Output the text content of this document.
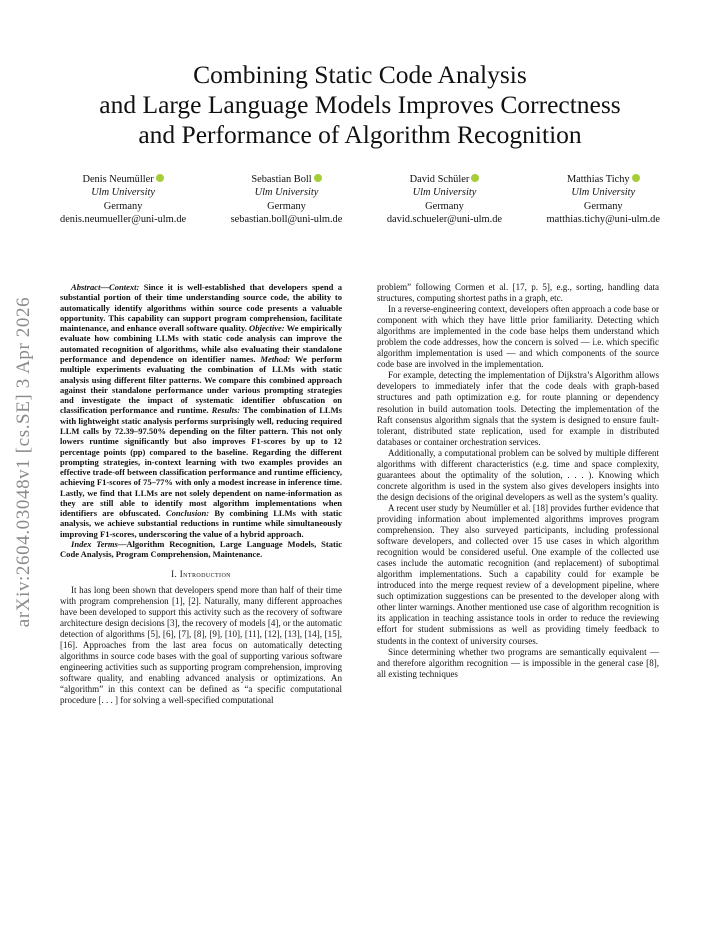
arXiv:2604.03048v1 [cs.SE] 3 Apr 2026
Combining Static Code Analysis
and Large Language Models Improves Correctness
and Performance of Algorithm Recognition
Denis Neumüller
Ulm University
Germany
denis.neumueller@uni-ulm.de
Sebastian Boll
Ulm University
Germany
sebastian.boll@uni-ulm.de
David Schüler
Ulm University
Germany
david.schueler@uni-ulm.de
Matthias Tichy
Ulm University
Germany
matthias.tichy@uni-ulm.de

Abstract—Context: Since it is well-established that developers spend a substantial portion of their time understanding source code, the ability to automatically identify algorithms within source code presents a valuable opportunity. This capability can support program comprehension, facilitate maintenance, and enhance overall software quality. Objective: We empirically evaluate how combining LLMs with static code analysis can improve the automated recognition of algorithms, while also evaluating their standalone performance and dependence on identifier names. Method: We perform multiple experiments evaluating the combination of LLMs with static analysis using different filter patterns. We compare this combined approach against their standalone performance under various prompting strategies and investigate the impact of systematic identifier obfuscation on classification performance and runtime. Results: The combination of LLMs with lightweight static analysis performs surprisingly well, reducing required LLM calls by 72.39–97.50% depending on the filter pattern. This not only lowers runtime significantly but also improves F1-scores by up to 12 percentage points (pp) compared to the baseline. Regarding the different prompting strategies, in-context learning with two examples provides an effective trade-off between classification performance and runtime efficiency, achieving F1-scores of 75–77% with only a modest increase in inference time. Lastly, we find that LLMs are not solely dependent on name-information as they are still able to identify most algorithm implementations when identifiers are obfuscated. Conclusion: By combining LLMs with static analysis, we achieve substantial reductions in runtime while simultaneously improving F1-scores, underscoring the value of a hybrid approach.

Index Terms—Algorithm Recognition, Large Language Models, Static Code Analysis, Program Comprehension, Maintenance.

I. Introduction

It has long been shown that developers spend more than half of their time with program comprehension [1], [2]. Naturally, many different approaches have been developed to support this activity such as the recovery of software architecture design decisions [3], the recovery of models [4], or the automatic detection of algorithms [5], [6], [7], [8], [9], [10], [11], [12], [13], [14], [15], [16]. Approaches from the last area focus on automatically detecting algorithms in source code bases with the goal of supporting various software engineering activities such as supporting program comprehension, improving software quality, and enabling advanced analysis or optimizations. An “algorithm” in this context can be defined as “a specific computational procedure [. . . ] for solving a well-specified computational

problem” following Cormen et al. [17, p. 5], e.g., sorting, handling data structures, computing shortest paths in a graph, etc.

In a reverse-engineering context, developers often approach a code base or component with which they have little prior familiarity. Detecting which algorithms are implemented in the code base helps them understand which problem the code addresses, how the concern is solved — i.e. which specific algorithm implementation is used — and which components of the source code base are involved in the implementation.

For example, detecting the implementation of Dijkstra’s Algorithm allows developers to immediately infer that the code deals with graph-based structures and path optimization e.g. for route planning or dependency resolution in build automation tools. Detecting the implementation of the Raft consensus algorithm signals that the system is designed to ensure fault-tolerant, distributed state replication, used for example in distributed databases or container orchestration services.

Additionally, a computational problem can be solved by multiple different algorithms with different characteristics (e.g. time and space complexity, guarantees about the optimality of the solution, . . . ). Knowing which concrete algorithm is used in the system also gives developers insights into the design decisions of the original developers as well as the system’s quality.

A recent user study by Neumüller et al. [18] provides further evidence that providing information about implemented algorithms improves program comprehension. They also surveyed participants, including professional software developers, and collected over 15 use cases in which algorithm recognition would be considered useful. One example of the collected use cases include the automatic recognition (and replacement) of suboptimal algorithm implementations. Such a capability could for example be introduced into the merge request review of a development pipeline, where such optimization suggestions can be presented to the developer along with other linter warnings. Another mentioned use case of algorithm recognition is its application in teaching assistance tools in order to reduce the reviewing effort for student submissions as well as providing timely feedback to students in the context of university courses.

Since determining whether two programs are semantically equivalent — and therefore algorithm recognition — is impossible in the general case [8], all existing techniques
